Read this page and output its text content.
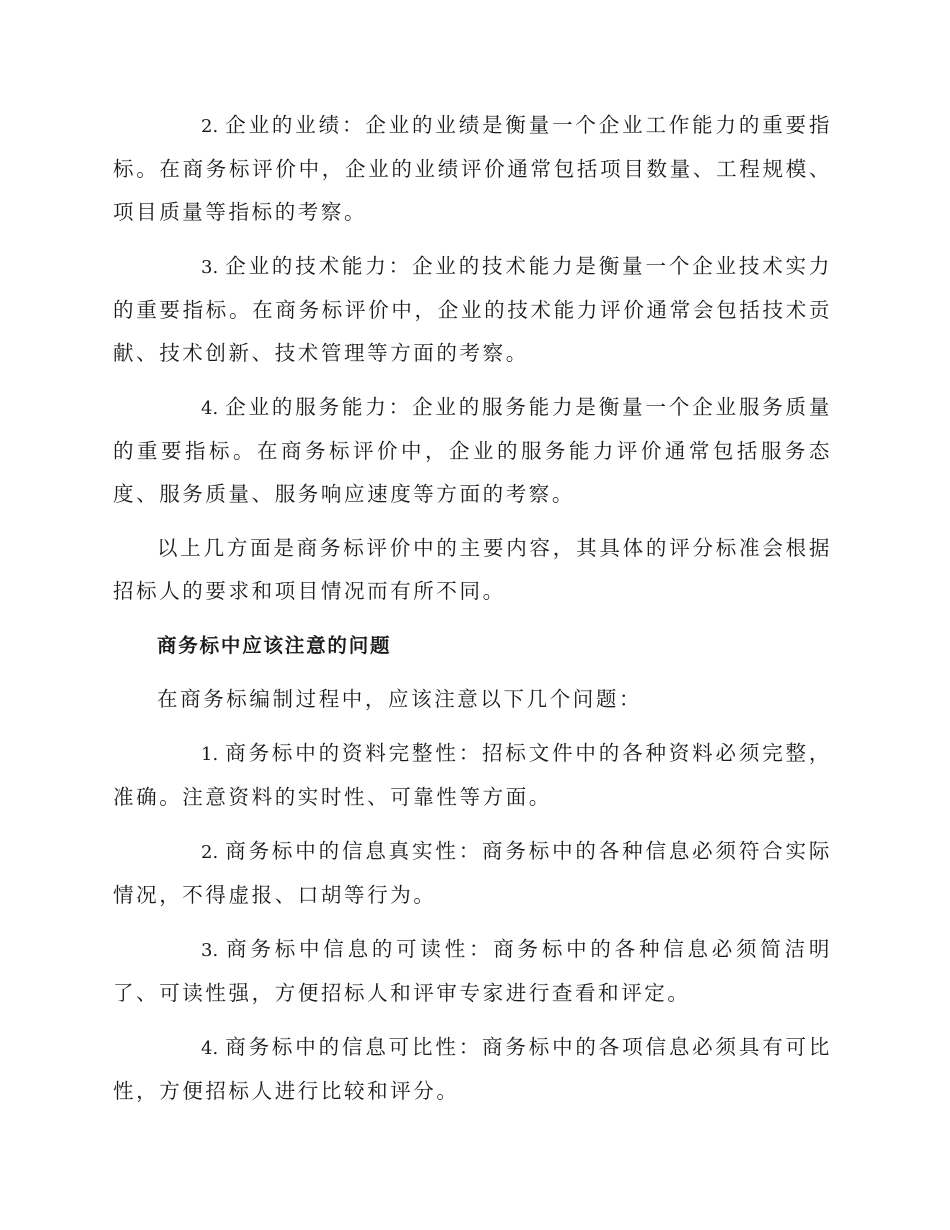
2. 企业的业绩：企业的业绩是衡量一个企业工作能力的重要指标。在商务标评价中，企业的业绩评价通常包括项目数量、工程规模、项目质量等指标的考察。

3. 企业的技术能力：企业的技术能力是衡量一个企业技术实力的重要指标。在商务标评价中，企业的技术能力评价通常会包括技术贡献、技术创新、技术管理等方面的考察。

4. 企业的服务能力：企业的服务能力是衡量一个企业服务质量的重要指标。在商务标评价中，企业的服务能力评价通常包括服务态度、服务质量、服务响应速度等方面的考察。

以上几方面是商务标评价中的主要内容，其具体的评分标准会根据招标人的要求和项目情况而有所不同。

商务标中应该注意的问题

在商务标编制过程中，应该注意以下几个问题：

1. 商务标中的资料完整性：招标文件中的各种资料必须完整，准确。注意资料的实时性、可靠性等方面。

2. 商务标中的信息真实性：商务标中的各种信息必须符合实际情况，不得虚报、口胡等行为。

3. 商务标中信息的可读性：商务标中的各种信息必须简洁明了、可读性强，方便招标人和评审专家进行查看和评定。

4. 商务标中的信息可比性：商务标中的各项信息必须具有可比性，方便招标人进行比较和评分。
